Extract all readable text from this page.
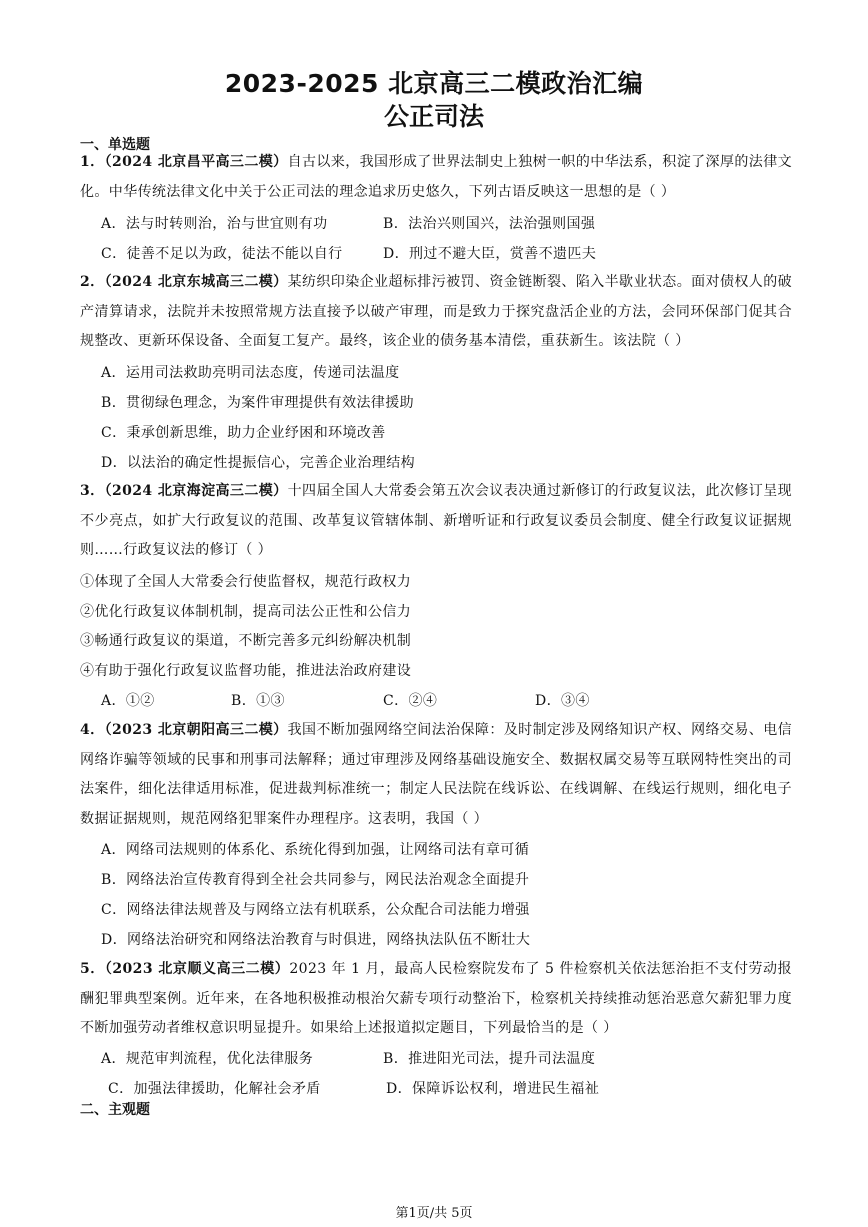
2023-2025 北京高三二模政治汇编
公正司法
一、单选题
1．（2024 北京昌平高三二模）自古以来，我国形成了世界法制史上独树一帜的中华法系，积淀了深厚的法律文化。中华传统法律文化中关于公正司法的理念追求历史悠久，下列古语反映这一思想的是（ ）
A．法与时转则治，治与世宜则有功	B．法治兴则国兴，法治强则国强
C．徒善不足以为政，徒法不能以自行	D．刑过不避大臣，赏善不遗匹夫
2．（2024 北京东城高三二模）某纺织印染企业超标排污被罚、资金链断裂、陷入半歇业状态。面对债权人的破产清算请求，法院并未按照常规方法直接予以破产审理，而是致力于探究盘活企业的方法，会同环保部门促其合规整改、更新环保设备、全面复工复产。最终，该企业的债务基本清偿，重获新生。该法院（ ）
A．运用司法救助亮明司法态度，传递司法温度
B．贯彻绿色理念，为案件审理提供有效法律援助
C．秉承创新思维，助力企业纾困和环境改善
D．以法治的确定性提振信心，完善企业治理结构
3．（2024 北京海淀高三二模）十四届全国人大常委会第五次会议表决通过新修订的行政复议法，此次修订呈现不少亮点，如扩大行政复议的范围、改革复议管辖体制、新增听证和行政复议委员会制度、健全行政复议证据规则……行政复议法的修订（ ）
①体现了全国人大常委会行使监督权，规范行政权力
②优化行政复议体制机制，提高司法公正性和公信力
③畅通行政复议的渠道，不断完善多元纠纷解决机制
④有助于强化行政复议监督功能，推进法治政府建设
A．①②	B．①③	C．②④	D．③④
4．（2023 北京朝阳高三二模）我国不断加强网络空间法治保障：及时制定涉及网络知识产权、网络交易、电信网络诈骗等领域的民事和刑事司法解释；通过审理涉及网络基础设施安全、数据权属交易等互联网特性突出的司法案件，细化法律适用标准，促进裁判标准统一；制定人民法院在线诉讼、在线调解、在线运行规则，细化电子数据证据规则，规范网络犯罪案件办理程序。这表明，我国（ ）
A．网络司法规则的体系化、系统化得到加强，让网络司法有章可循
B．网络法治宣传教育得到全社会共同参与，网民法治观念全面提升
C．网络法律法规普及与网络立法有机联系，公众配合司法能力增强
D．网络法治研究和网络法治教育与时俱进，网络执法队伍不断壮大
5．（2023 北京顺义高三二模）2023 年 1 月，最高人民检察院发布了 5 件检察机关依法惩治拒不支付劳动报酬犯罪典型案例。近年来，在各地积极推动根治欠薪专项行动整治下，检察机关持续推动惩治恶意欠薪犯罪力度不断加强劳动者维权意识明显提升。如果给上述报道拟定题目，下列最恰当的是（ ）
A．规范审判流程，优化法律服务	B．推进阳光司法，提升司法温度
C．加强法律援助，化解社会矛盾	D．保障诉讼权利，增进民生福祉
二、主观题
第1页/共 5页
